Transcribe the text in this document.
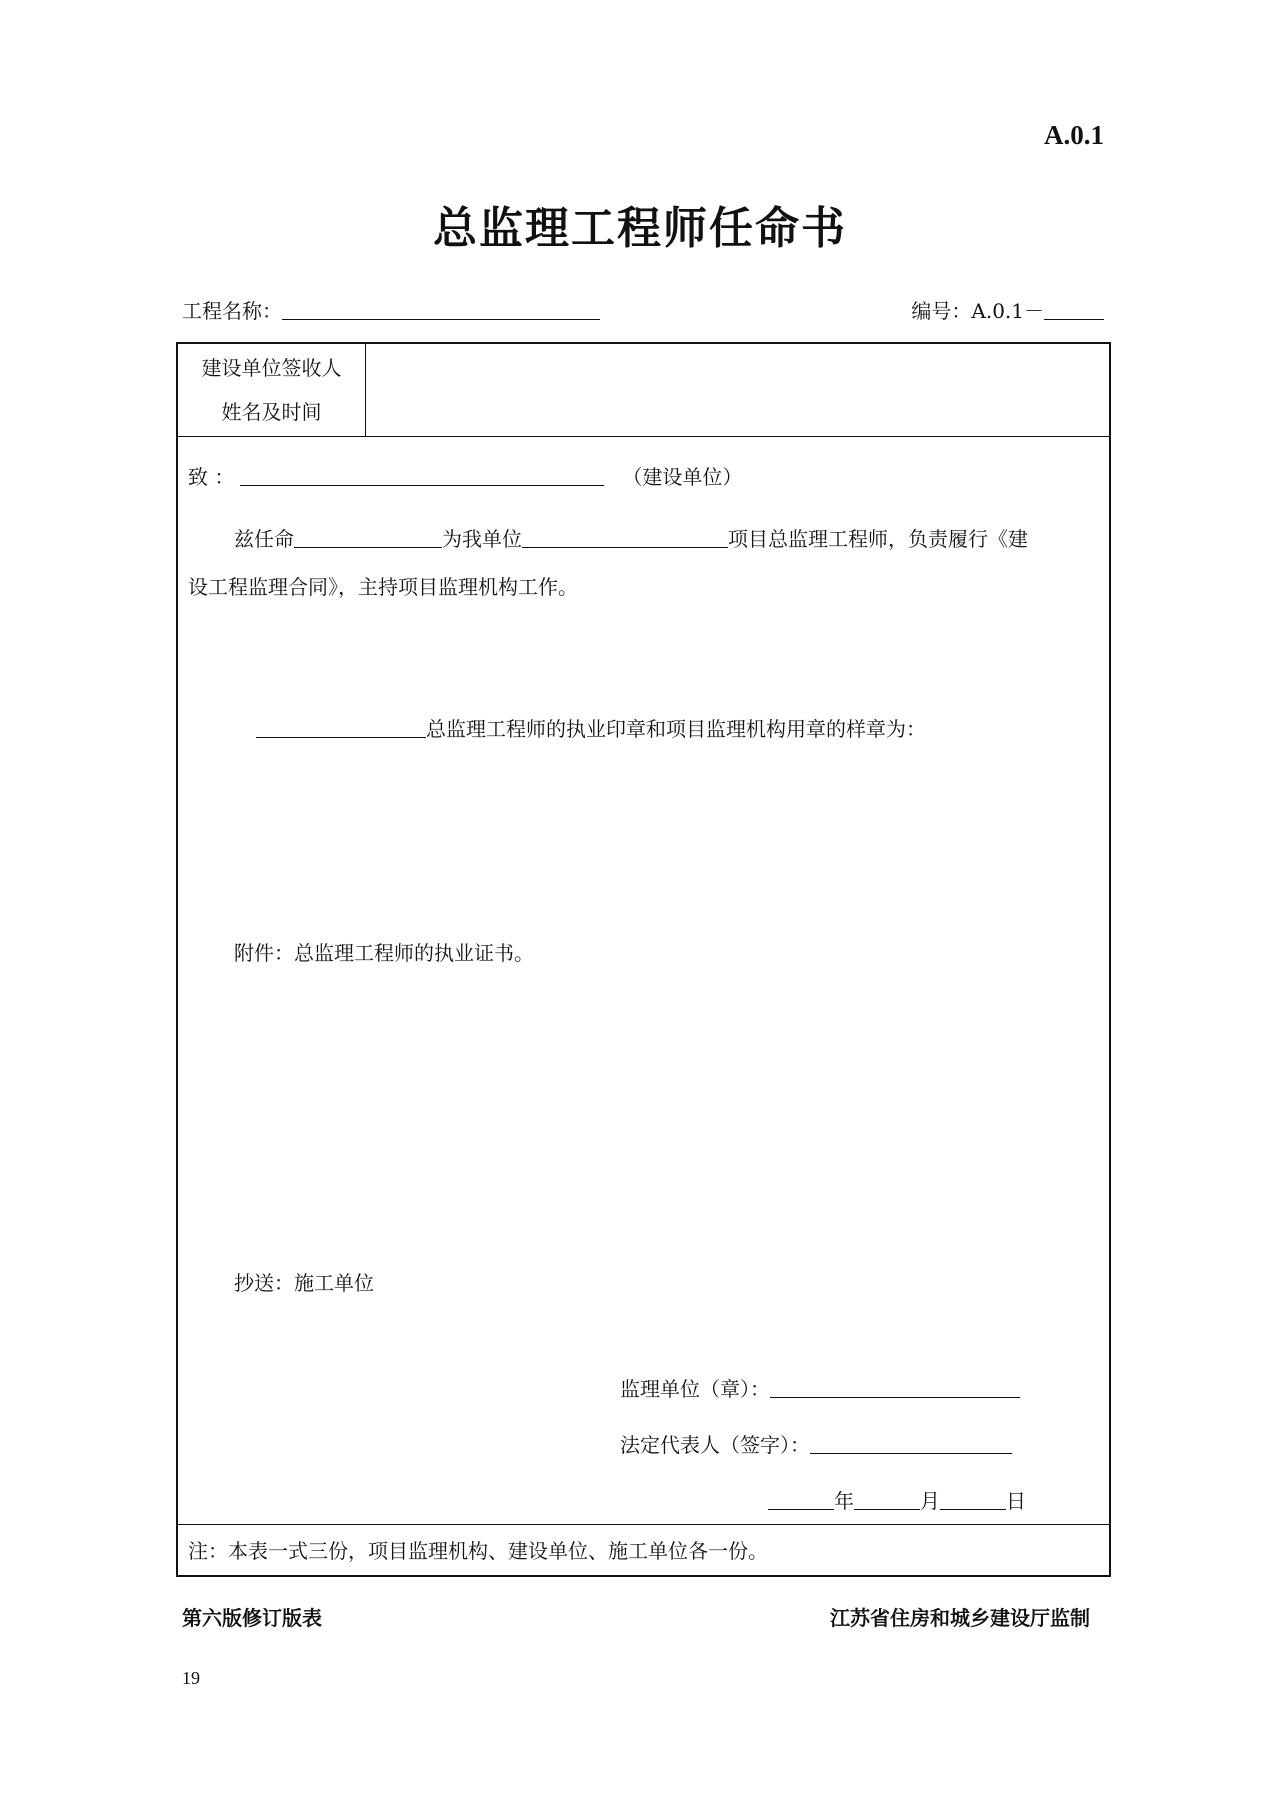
A.0.1
总监理工程师任命书
工程名称：	编号：A.0.1－
建设单位签收人
姓名及时间
致 ：	（建设单位）
兹任命	为我单位	项目总监理工程师，负责履行《建
设工程监理合同》，主持项目监理机构工作。
总监理工程师的执业印章和项目监理机构用章的样章为：
附件：总监理工程师的执业证书。
抄送：施工单位
监理单位（章）：
法定代表人（签字）：
年	月	日
注：本表一式三份，项目监理机构、建设单位、施工单位各一份。
第六版修订版表	江苏省住房和城乡建设厅监制
19
